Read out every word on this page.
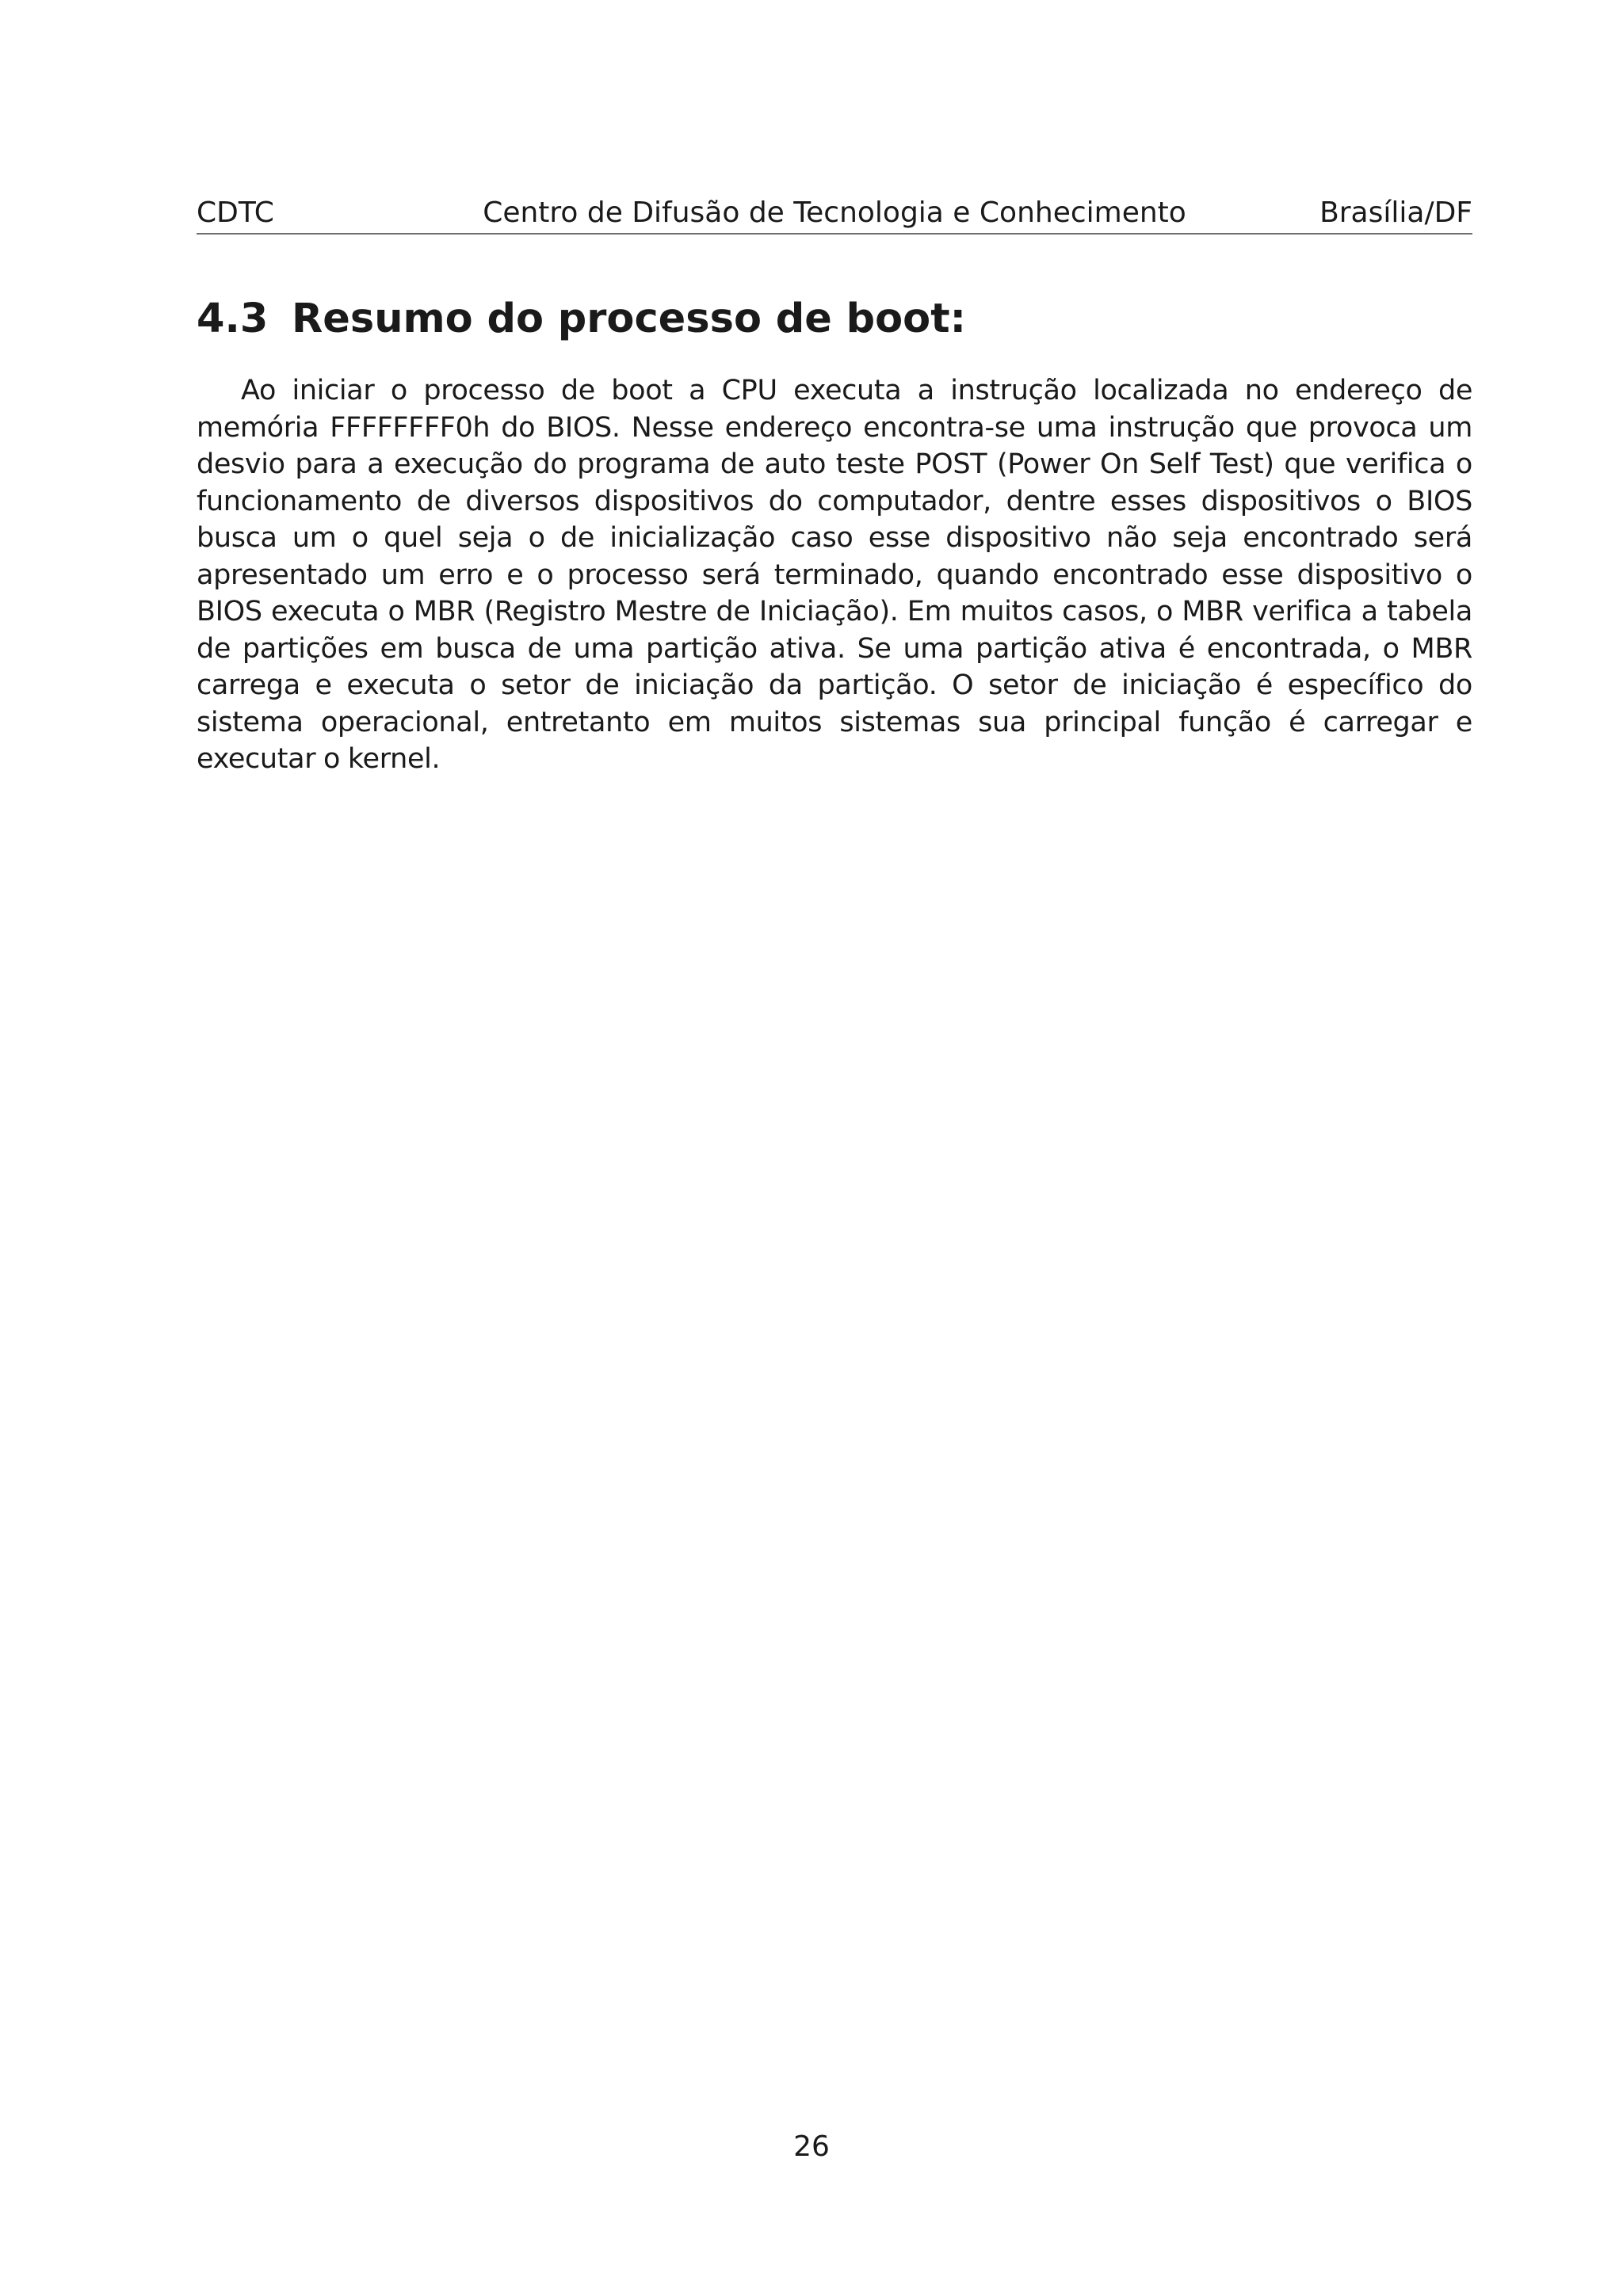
CDTC	Centro de Difusão de Tecnologia e Conhecimento	Brasília/DF
4.3 Resumo do processo de boot:

Ao iniciar o processo de boot a CPU executa a instrução localizada no endereço de memória FFFFFFFF0h do BIOS. Nesse endereço encontra-se uma instrução que provoca um desvio para a execução do programa de auto teste POST (Power On Self Test) que verifica o funcionamento de diversos dispositivos do computador, dentre esses dispositivos o BIOS busca um o quel seja o de inicialização caso esse dispositivo não seja encontrado será apresentado um erro e o processo será terminado, quando encontrado esse dispositivo o BIOS executa o MBR (Registro Mestre de Iniciação). Em muitos casos, o MBR verifica a tabela de partições em busca de uma partição ativa. Se uma partição ativa é encontrada, o MBR carrega e executa o setor de iniciação da partição. O setor de iniciação é específico do sistema operacional, entretanto em muitos sistemas sua principal função é carregar e executar o kernel.

26
